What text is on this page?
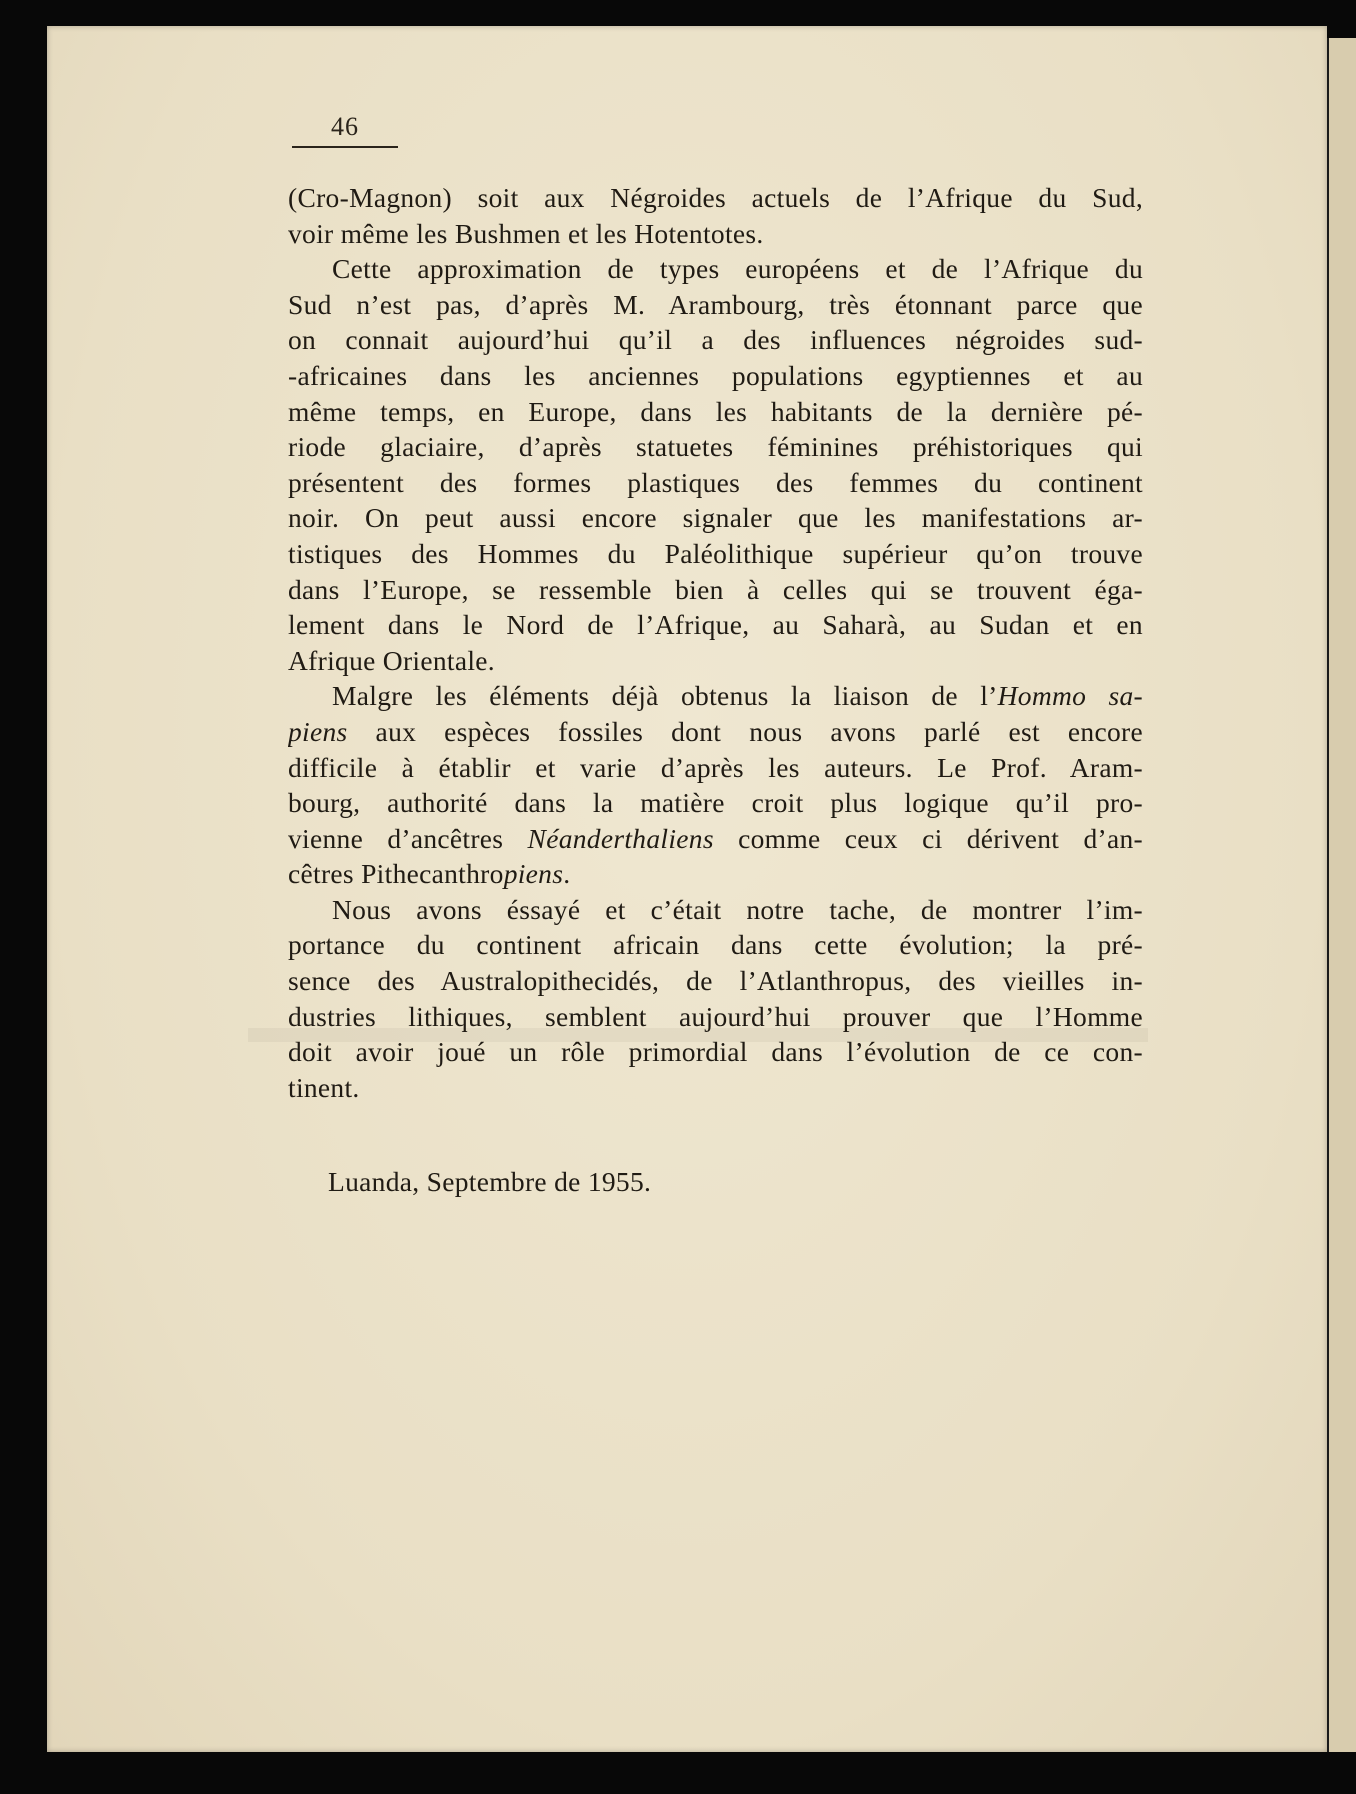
46

(Cro-Magnon) soit aux Négroides actuels de l’Afrique du Sud,
voir même les Bushmen et les Hotentotes.

Cette approximation de types européens et de l’Afrique du
Sud n’est pas, d’après M. Arambourg, très étonnant parce que
on connait aujourd’hui qu’il a des influences négroides sud-
-africaines dans les anciennes populations egyptiennes et au
même temps, en Europe, dans les habitants de la dernière pé-
riode glaciaire, d’après statuetes féminines préhistoriques qui
présentent des formes plastiques des femmes du continent
noir. On peut aussi encore signaler que les manifestations ar-
tistiques des Hommes du Paléolithique supérieur qu’on trouve
dans l’Europe, se ressemble bien à celles qui se trouvent éga-
lement dans le Nord de l’Afrique, au Saharà, au Sudan et en
Afrique Orientale.

Malgre les éléments déjà obtenus la liaison de l’Hommo sa-
piens aux espèces fossiles dont nous avons parlé est encore
difficile à établir et varie d’après les auteurs. Le Prof. Aram-
bourg, authorité dans la matière croit plus logique qu’il pro-
vienne d’ancêtres Néanderthaliens comme ceux ci dérivent d’an-
cêtres Pithecanthropiens.

Nous avons éssayé et c’était notre tache, de montrer l’im-
portance du continent africain dans cette évolution; la pré-
sence des Australopithecidés, de l’Atlanthropus, des vieilles in-
dustries lithiques, semblent aujourd’hui prouver que l’Homme
doit avoir joué un rôle primordial dans l’évolution de ce con-
tinent.

Luanda, Septembre de 1955.
